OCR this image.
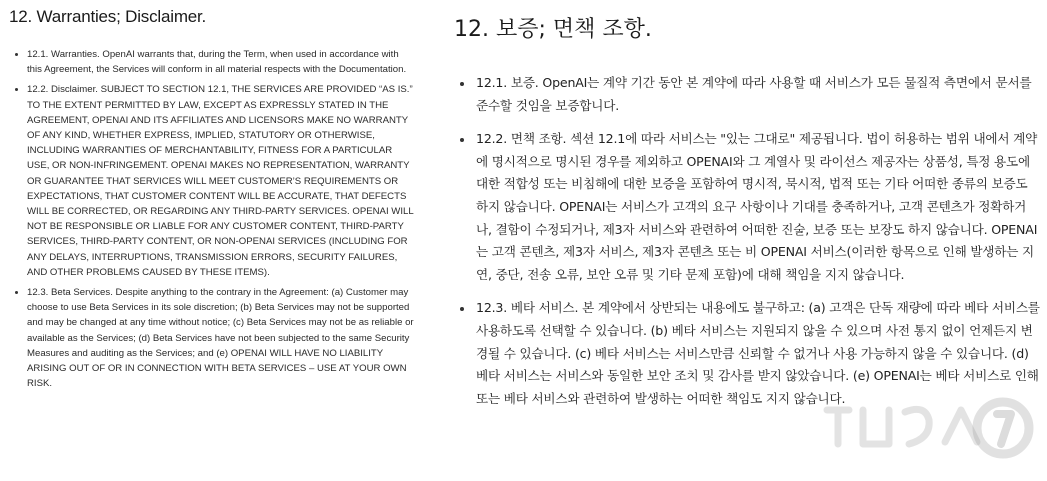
12. Warranties; Disclaimer.
12.1. Warranties. OpenAI warrants that, during the Term, when used in accordance with this Agreement, the Services will conform in all material respects with the Documentation.
12.2. Disclaimer. SUBJECT TO SECTION 12.1, THE SERVICES ARE PROVIDED “AS IS.” TO THE EXTENT PERMITTED BY LAW, EXCEPT AS EXPRESSLY STATED IN THE AGREEMENT, OPENAI AND ITS AFFILIATES AND LICENSORS MAKE NO WARRANTY OF ANY KIND, WHETHER EXPRESS, IMPLIED, STATUTORY OR OTHERWISE, INCLUDING WARRANTIES OF MERCHANTABILITY, FITNESS FOR A PARTICULAR USE, OR NON-INFRINGEMENT. OPENAI MAKES NO REPRESENTATION, WARRANTY OR GUARANTEE THAT SERVICES WILL MEET CUSTOMER’S REQUIREMENTS OR EXPECTATIONS, THAT CUSTOMER CONTENT WILL BE ACCURATE, THAT DEFECTS WILL BE CORRECTED, OR REGARDING ANY THIRD-PARTY SERVICES. OPENAI WILL NOT BE RESPONSIBLE OR LIABLE FOR ANY CUSTOMER CONTENT, THIRD-PARTY SERVICES, THIRD-PARTY CONTENT, OR NON-OPENAI SERVICES (INCLUDING FOR ANY DELAYS, INTERRUPTIONS, TRANSMISSION ERRORS, SECURITY FAILURES, AND OTHER PROBLEMS CAUSED BY THESE ITEMS).
12.3. Beta Services. Despite anything to the contrary in the Agreement: (a) Customer may choose to use Beta Services in its sole discretion; (b) Beta Services may not be supported and may be changed at any time without notice; (c) Beta Services may not be as reliable or available as the Services; (d) Beta Services have not been subjected to the same Security Measures and auditing as the Services; and (e) OPENAI WILL HAVE NO LIABILITY ARISING OUT OF OR IN CONNECTION WITH BETA SERVICES – USE AT YOUR OWN RISK.
12. 보증; 면책 조항.
12.1. 보증. OpenAI는 계약 기간 동안 본 계약에 따라 사용할 때 서비스가 모든 물질적 측면에서 문서를 준수할 것임을 보증합니다.
12.2. 면책 조항. 섹션 12.1에 따라 서비스는 "있는 그대로" 제공됩니다. 법이 허용하는 범위 내에서 계약에 명시적으로 명시된 경우를 제외하고 OPENAI와 그 계열사 및 라이선스 제공자는 상품성, 특정 용도에 대한 적합성 또는 비침해에 대한 보증을 포함하여 명시적, 묵시적, 법적 또는 기타 어떠한 종류의 보증도 하지 않습니다. OPENAI는 서비스가 고객의 요구 사항이나 기대를 충족하거나, 고객 콘텐츠가 정확하거나, 결함이 수정되거나, 제3자 서비스와 관련하여 어떠한 진술, 보증 또는 보장도 하지 않습니다. OPENAI는 고객 콘텐츠, 제3자 서비스, 제3자 콘텐츠 또는 비 OPENAI 서비스(이러한 항목으로 인해 발생하는 지연, 중단, 전송 오류, 보안 오류 및 기타 문제 포함)에 대해 책임을 지지 않습니다.
12.3. 베타 서비스. 본 계약에서 상반되는 내용에도 불구하고: (a) 고객은 단독 재량에 따라 베타 서비스를 사용하도록 선택할 수 있습니다. (b) 베타 서비스는 지원되지 않을 수 있으며 사전 통지 없이 언제든지 변경될 수 있습니다. (c) 베타 서비스는 서비스만큼 신뢰할 수 없거나 사용 가능하지 않을 수 있습니다. (d) 베타 서비스는 서비스와 동일한 보안 조치 및 감사를 받지 않았습니다. (e) OPENAI는 베타 서비스로 인해 또는 베타 서비스와 관련하여 발생하는 어떠한 책임도 지지 않습니다.
